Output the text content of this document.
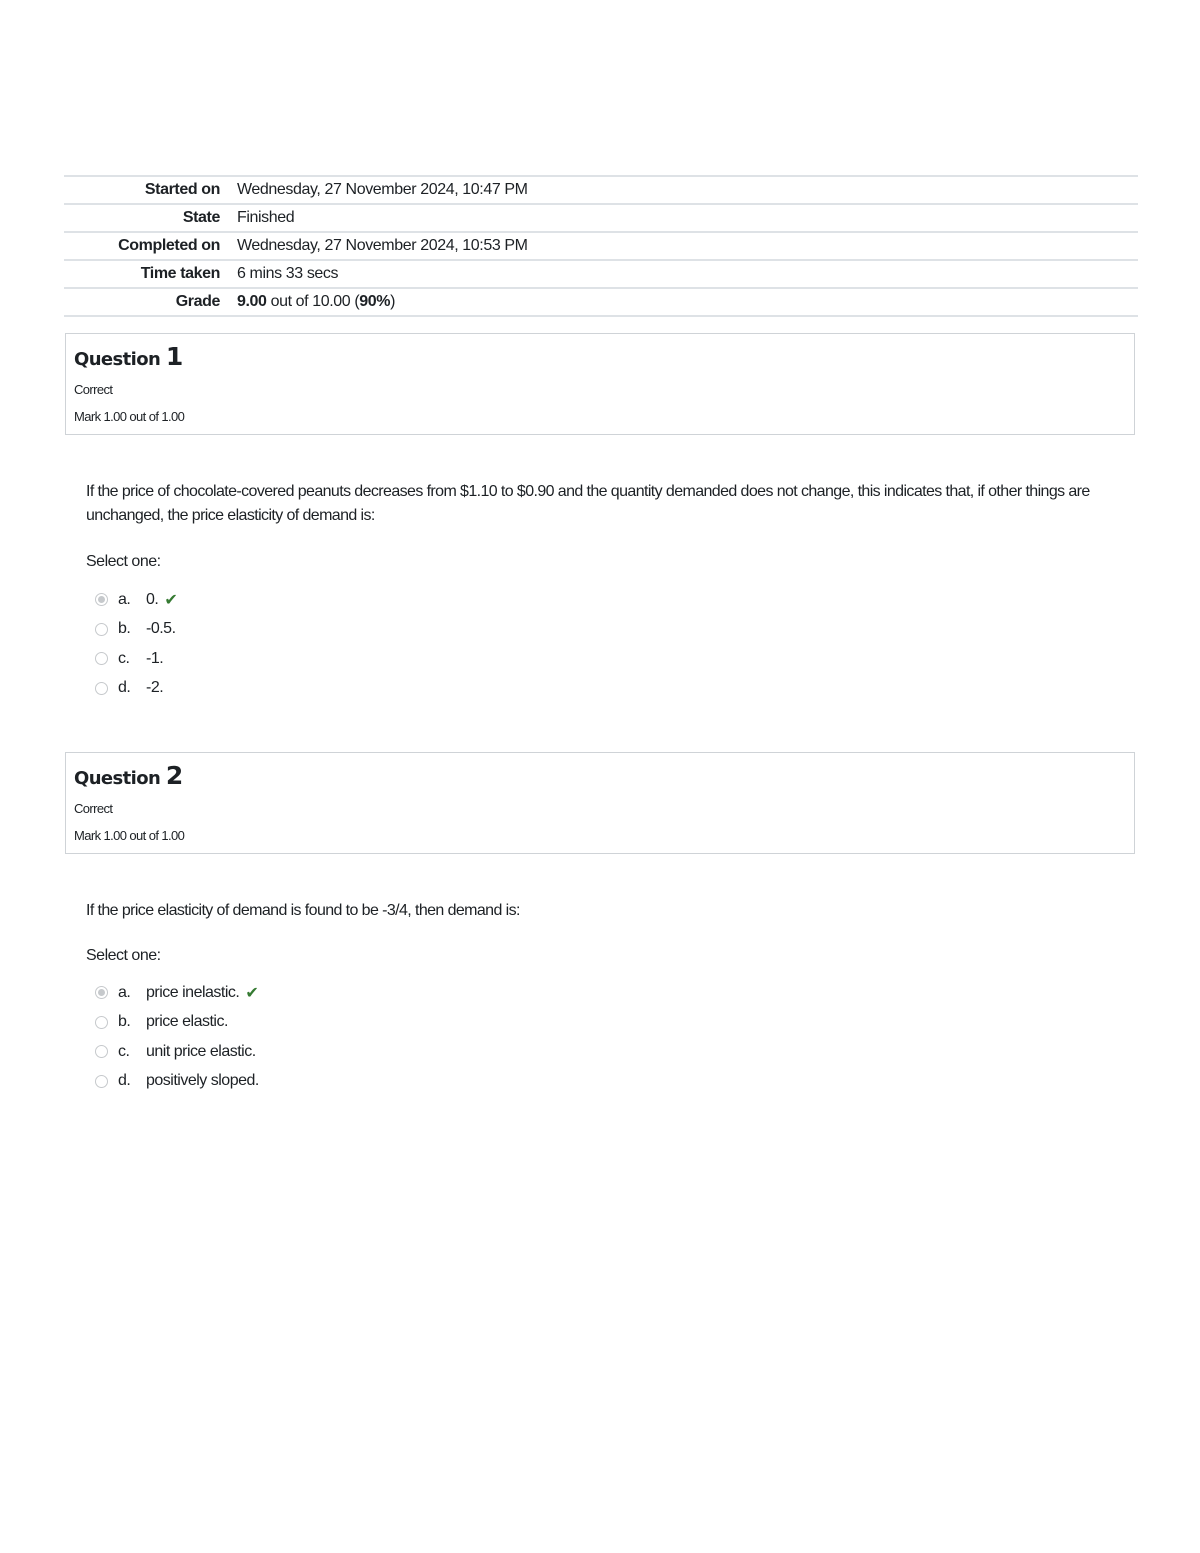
Started on	Wednesday, 27 November 2024, 10:47 PM
State	Finished
Completed on	Wednesday, 27 November 2024, 10:53 PM
Time taken	6 mins 33 secs
Grade	9.00 out of 10.00 (90%)
Question 1
Correct
Mark 1.00 out of 1.00
If the price of chocolate-covered peanuts decreases from $1.10 to $0.90 and the quantity demanded does not change, this indicates that, if other things are unchanged, the price elasticity of demand is:
Select one:
a. 0. ✔
b. -0.5.
c.	-1.
d. -2.
Question 2
Correct
Mark 1.00 out of 1.00
If the price elasticity of demand is found to be -3/4, then demand is:
Select one:
a. price inelastic. ✔
b. price elastic.
c.	unit price elastic.
d. positively sloped.
